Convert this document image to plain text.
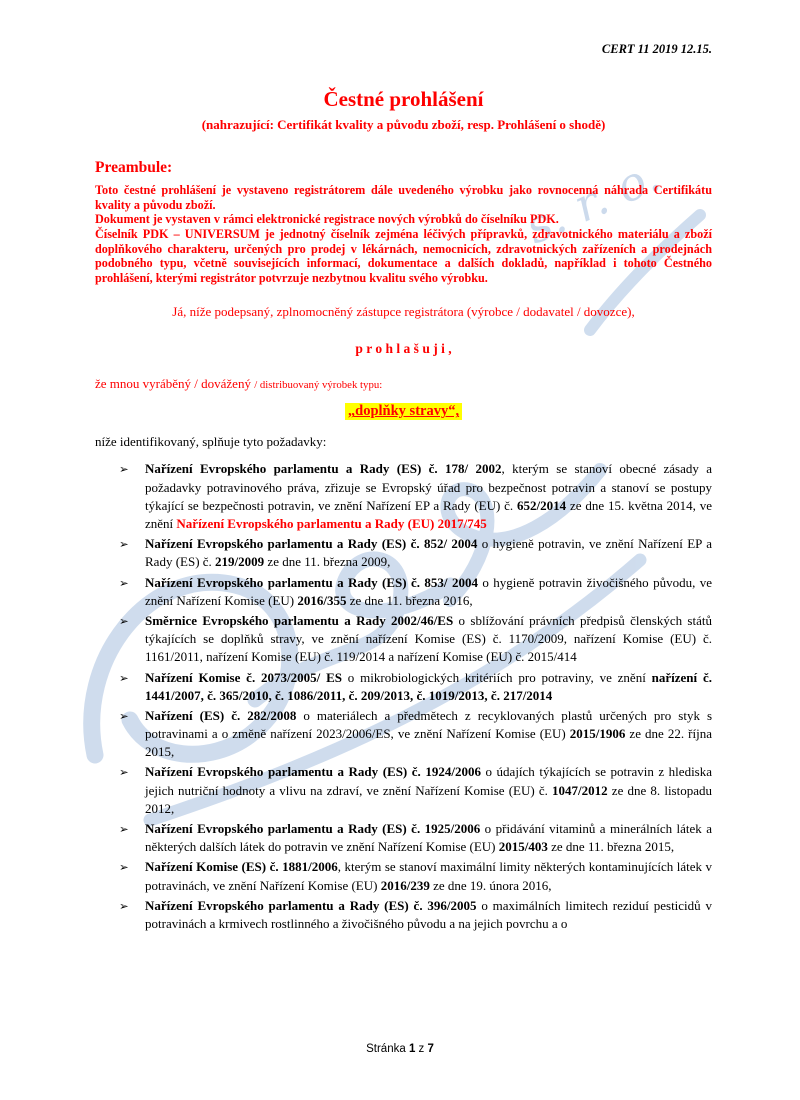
s. r. o.
CERT 11 2019 12.15.
Čestné prohlášení
(nahrazující: Certifikát kvality a původu zboží, resp. Prohlášení o shodě)
Preambule:

Toto čestné prohlášení je vystaveno registrátorem dále uvedeného výrobku jako rovnocenná náhrada Certifikátu kvality a původu zboží.

Dokument je vystaven v rámci elektronické registrace nových výrobků do číselníku PDK.

Číselník PDK – UNIVERSUM je jednotný číselník zejména léčivých přípravků, zdravotnického materiálu a zboží doplňkového charakteru, určených pro prodej v lékárnách, nemocnicích, zdravotnických zařízeních a prodejnách podobného typu, včetně souvisejících informací, dokumentace a dalších dokladů, například i tohoto Čestného prohlášení, kterými registrátor potvrzuje nezbytnou kvalitu svého výrobku.

Já, níže podepsaný, zplnomocněný zástupce registrátora (výrobce / dodavatel / dovozce),
p r o h l a š u j i ,
že mnou vyráběný / dovážený / distribuovaný výrobek typu:
„doplňky stravy“,
níže identifikovaný, splňuje tyto požadavky:
➢ Nařízení Evropského parlamentu a Rady (ES) č. 178/ 2002, kterým se stanoví obecné zásady a požadavky potravinového práva, zřizuje se Evropský úřad pro bezpečnost potravin a stanoví se postupy týkající se bezpečnosti potravin, ve znění Nařízení EP a Rady (EU) č. 652/2014 ze dne 15. května 2014, ve znění Nařízení Evropského parlamentu a Rady (EU) 2017/745
➢ Nařízení Evropského parlamentu a Rady (ES) č. 852/ 2004 o hygieně potravin, ve znění Nařízení EP a Rady (ES) č. 219/2009 ze dne 11. března 2009,
➢ Nařízení Evropského parlamentu a Rady (ES) č. 853/ 2004 o hygieně potravin živočišného původu, ve znění Nařízení Komise (EU) 2016/355 ze dne 11. března 2016,
➢ Směrnice Evropského parlamentu a Rady 2002/46/ES o sblížování právních předpisů členských států týkajících se doplňků stravy, ve znění nařízení Komise (ES) č. 1170/2009, nařízení Komise (EU) č. 1161/2011, nařízení Komise (EU) č. 119/2014 a nařízení Komise (EU) č. 2015/414
➢ Nařízení Komise č. 2073/2005/ ES o mikrobiologických kritériích pro potraviny, ve znění nařízení č. 1441/2007, č. 365/2010, č. 1086/2011, č. 209/2013, č. 1019/2013, č. 217/2014
➢ Nařízení (ES) č. 282/2008 o materiálech a předmětech z recyklovaných plastů určených pro styk s potravinami a o změně nařízení 2023/2006/ES, ve znění Nařízení Komise (EU) 2015/1906 ze dne 22. října 2015,
➢ Nařízení Evropského parlamentu a Rady (ES) č. 1924/2006 o údajích týkajících se potravin z hlediska jejich nutriční hodnoty a vlivu na zdraví, ve znění Nařízení Komise (EU) č. 1047/2012 ze dne 8. listopadu 2012,
➢ Nařízení Evropského parlamentu a Rady (ES) č. 1925/2006 o přidávání vitaminů a minerálních látek a některých dalších látek do potravin ve znění Nařízení Komise (EU) 2015/403 ze dne 11. března 2015,
➢ Nařízení Komise (ES) č. 1881/2006, kterým se stanoví maximální limity některých kontaminujících látek v potravinách, ve znění Nařízení Komise (EU) 2016/239 ze dne 19. února 2016,
➢ Nařízení Evropského parlamentu a Rady (ES) č. 396/2005 o maximálních limitech reziduí pesticidů v potravinách a krmivech rostlinného a živočišného původu a na jejich povrchu a o
Stránka 1 z 7
